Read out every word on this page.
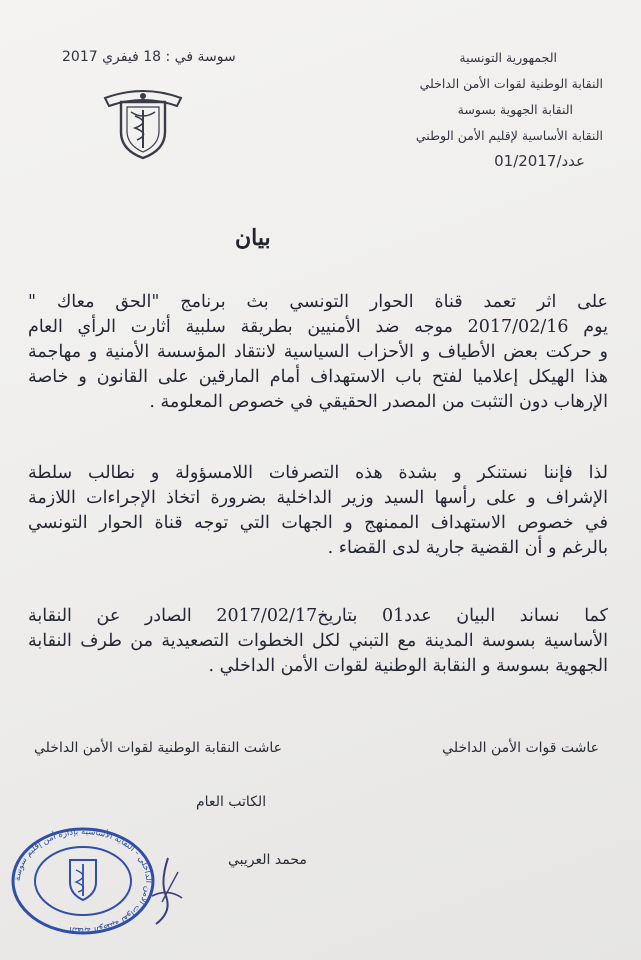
سوسة في : 18 فيفري 2017	الجمهورية التونسية
النقابة الوطنية لقوات الأمن الداخلي
النقابة الجهوية بسوسة
النقابة الأساسية لإقليم الأمن الوطني
عدد/01/2017
بيان
على اثر تعمد قناة الحوار التونسي بث برنامج "الحق معاك "
يوم 2017/02/16 موجه ضد الأمنيين بطريقة سلبية أثارت الرأي العام
و حركت بعض الأطياف و الأحزاب السياسية لانتقاد المؤسسة الأمنية و مهاجمة
هذا الهيكل إعلاميا لفتح باب الاستهداف أمام المارقين على القانون و خاصة
الإرهاب دون التثبت من المصدر الحقيقي في خصوص المعلومة .
لذا فإننا نستنكر و بشدة هذه التصرفات اللامسؤولة و نطالب سلطة
الإشراف و على رأسها السيد وزير الداخلية بضرورة اتخاذ الإجراءات اللازمة
في خصوص الاستهداف الممنهج و الجهات التي توجه قناة الحوار التونسي
بالرغم و أن القضية جارية لدى القضاء .
كما نساند البيان عدد01 بتاريخ2017/02/17 الصادر عن النقابة
الأساسية بسوسة المدينة مع التبني لكل الخطوات التصعيدية من طرف النقابة
الجهوية بسوسة و النقابة الوطنية لقوات الأمن الداخلي .
عاشت قوات الأمن الداخلي
عاشت النقابة الوطنية لقوات الأمن الداخلي
الكاتب العام
محمد العريبي
النقابة الوطنية لقوات الأمن الداخلي - النقابة الأساسية بإدارة أمن إقليم سوسة
